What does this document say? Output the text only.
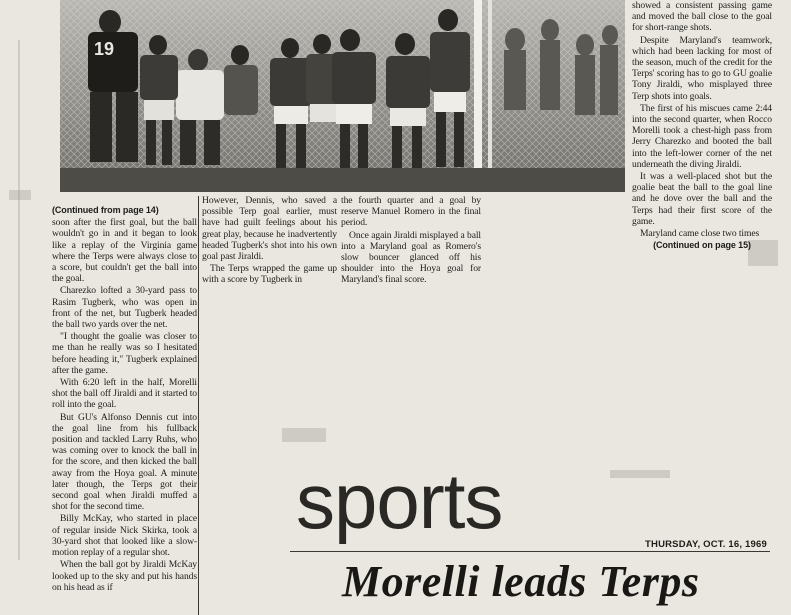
19

(Continued from page 14)

soon after the first goal, but the ball wouldn't go in and it began to look like a replay of the Virginia game where the Terps were always close to a score, but couldn't get the ball into the goal.

Charezko lofted a 30-yard pass to Rasim Tugberk, who was open in front of the net, but Tugberk headed the ball two yards over the net.

"I thought the goalie was closer to me than he really was so I hesitated before heading it," Tugberk explained after the game.

With 6:20 left in the half, Morelli shot the ball off Jiraldi and it started to roll into the goal.

But GU's Alfonso Dennis cut into the goal line from his fullback position and tackled Larry Ruhs, who was coming over to knock the ball in for the score, and then kicked the ball away from the Hoya goal. A minute later though, the Terps got their second goal when Jiraldi muffed a shot for the second time.

Billy McKay, who started in place of regular inside Nick Skirka, took a 30-yard shot that looked like a slow-motion replay of a regular shot.

When the ball got by Jiraldi McKay looked up to the sky and put his hands on his head as if

However, Dennis, who saved a possible Terp goal earlier, must have had guilt feelings about his great play, because he inadvertently headed Tugberk's shot into his own goal past Jiraldi.

The Terps wrapped the game up with a score by Tugberk in

the fourth quarter and a goal by reserve Manuel Romero in the final period.

Once again Jiraldi misplayed a ball into a Maryland goal as Romero's slow bouncer glanced off his shoulder into the Hoya goal for Maryland's final score.

showed a consistent passing game and moved the ball close to the goal for short-range shots.

Despite Maryland's teamwork, which had been lacking for most of the season, much of the credit for the Terps' scoring has to go to GU goalie Tony Jiraldi, who misplayed three Terp shots into goals.

The first of his miscues came 2:44 into the second quarter, when Rocco Morelli took a chest-high pass from Jerry Charezko and booted the ball into the left-lower corner of the net underneath the diving Jiraldi.

It was a well-placed shot but the goalie beat the ball to the goal line and he dove over the ball and the Terps had their first score of the game.

Maryland came close two times

(Continued on page 15)

sports	THURSDAY, OCT. 16, 1969
Morelli leads Terps
